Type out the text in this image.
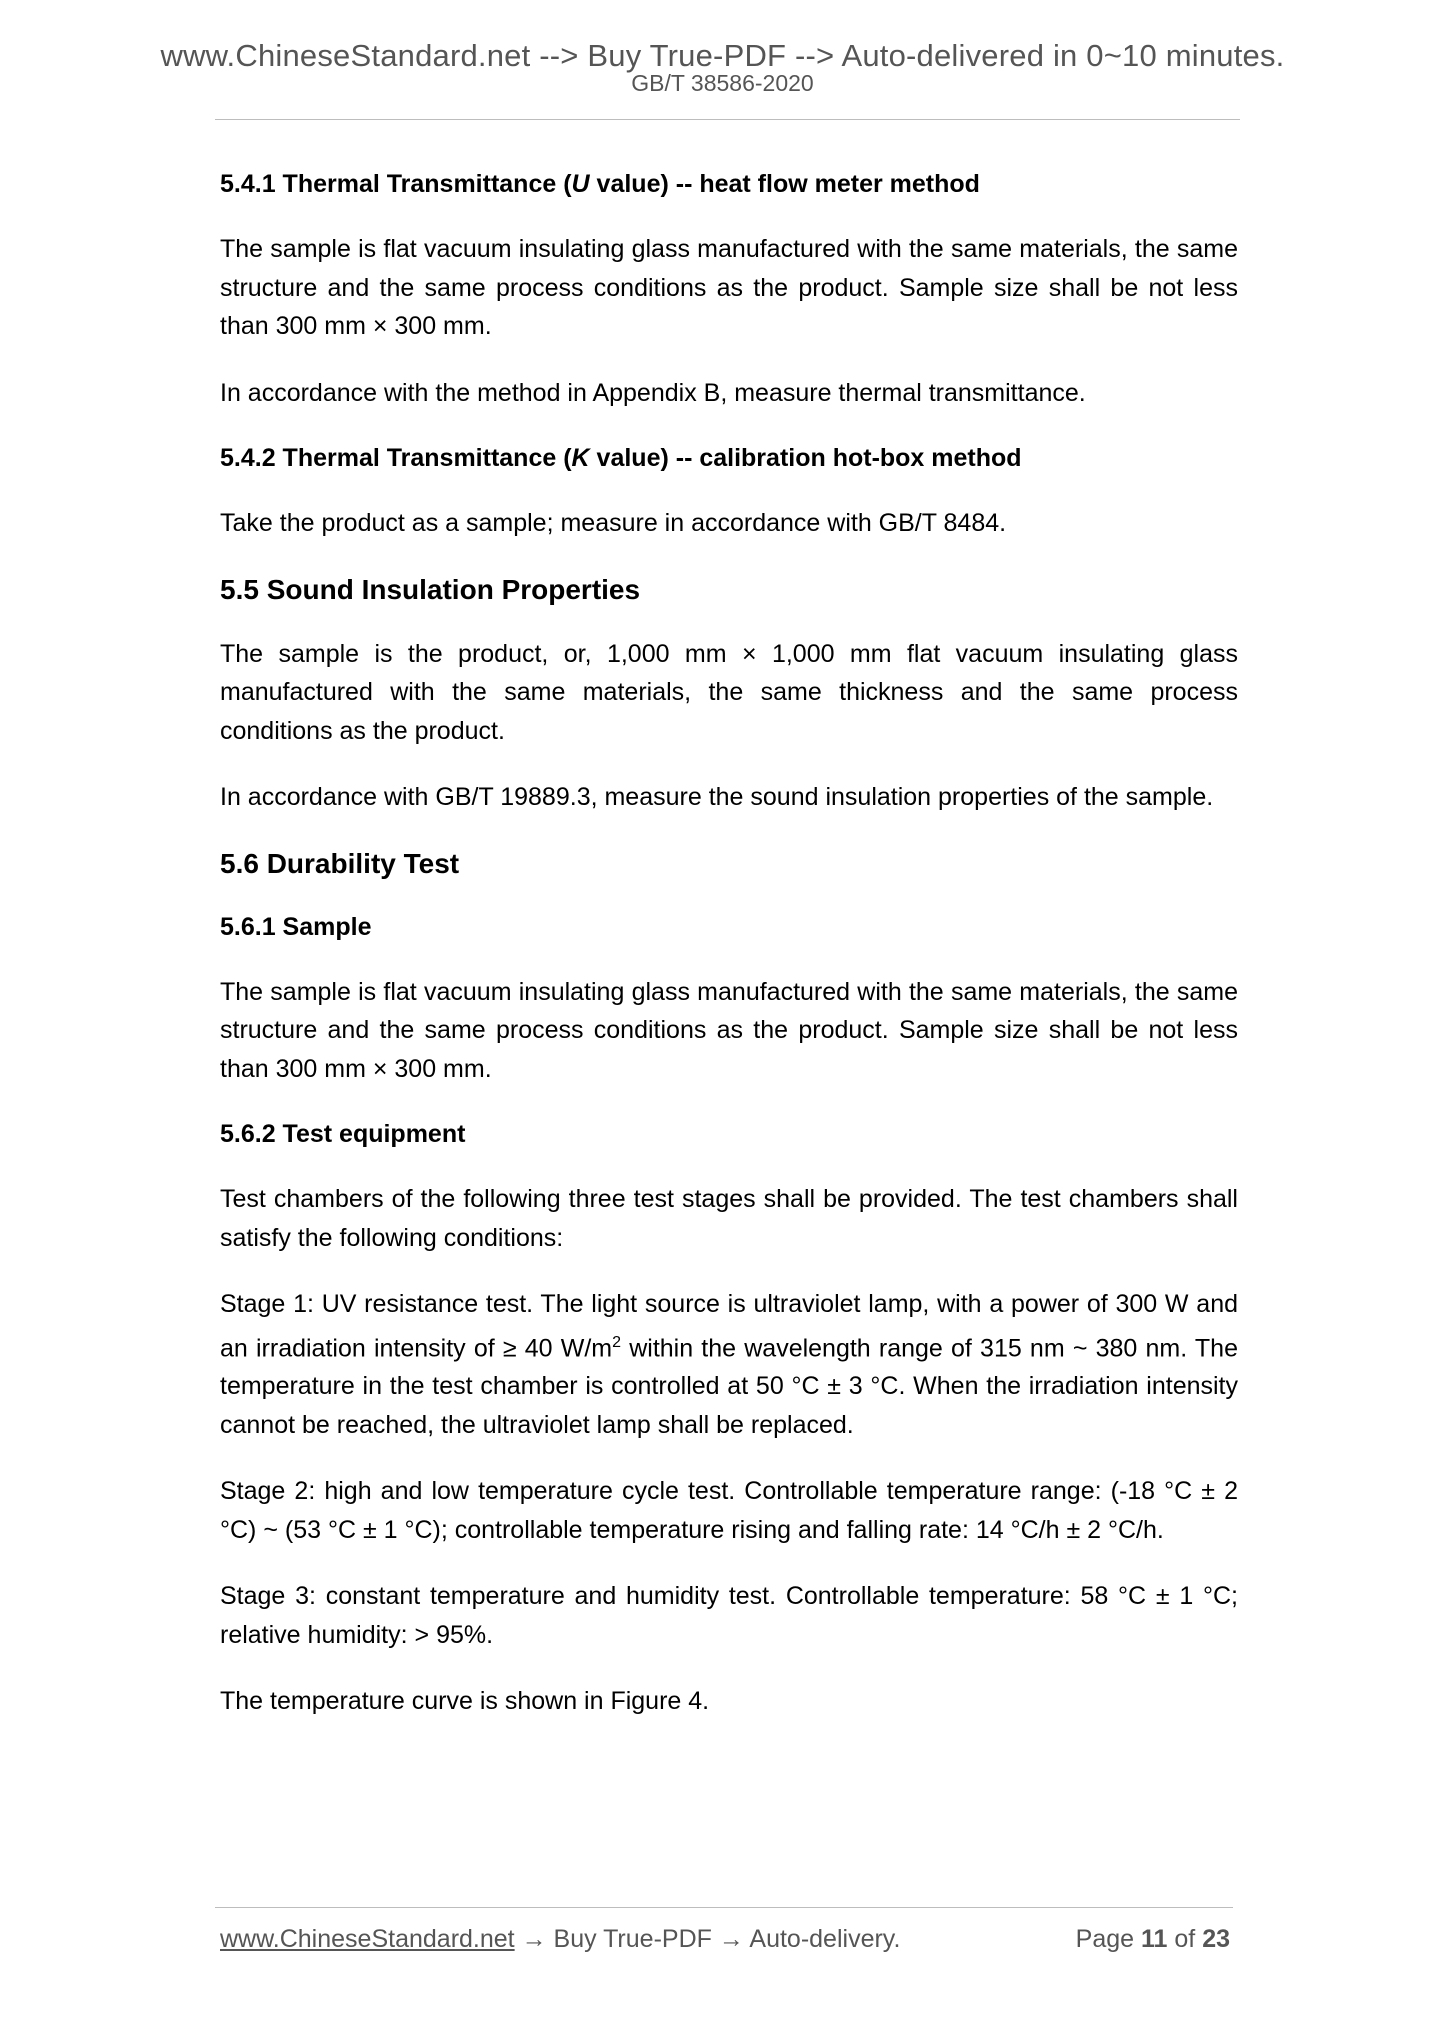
www.ChineseStandard.net --> Buy True-PDF --> Auto-delivered in 0~10 minutes.
GB/T 38586-2020
5.4.1 Thermal Transmittance (U value) -- heat flow meter method
The sample is flat vacuum insulating glass manufactured with the same materials, the same structure and the same process conditions as the product. Sample size shall be not less than 300 mm × 300 mm.
In accordance with the method in Appendix B, measure thermal transmittance.
5.4.2 Thermal Transmittance (K value) -- calibration hot-box method
Take the product as a sample; measure in accordance with GB/T 8484.
5.5 Sound Insulation Properties
The sample is the product, or, 1,000 mm × 1,000 mm flat vacuum insulating glass manufactured with the same materials, the same thickness and the same process conditions as the product.
In accordance with GB/T 19889.3, measure the sound insulation properties of the sample.
5.6 Durability Test
5.6.1 Sample
The sample is flat vacuum insulating glass manufactured with the same materials, the same structure and the same process conditions as the product. Sample size shall be not less than 300 mm × 300 mm.
5.6.2 Test equipment
Test chambers of the following three test stages shall be provided. The test chambers shall satisfy the following conditions:
Stage 1: UV resistance test. The light source is ultraviolet lamp, with a power of 300 W and an irradiation intensity of ≥ 40 $W/m^2$ within the wavelength range of 315 nm ~ 380 nm. The temperature in the test chamber is controlled at 50 °C ± 3 °C. When the irradiation intensity cannot be reached, the ultraviolet lamp shall be replaced.
Stage 2: high and low temperature cycle test. Controllable temperature range: (-18 °C ± 2 °C) ~ (53 °C ± 1 °C); controllable temperature rising and falling rate: 14 °C/h ± 2 °C/h.
Stage 3: constant temperature and humidity test. Controllable temperature: 58 °C ± 1 °C; relative humidity: > 95%.
The temperature curve is shown in Figure 4.
www.ChineseStandard.net → Buy True-PDF → Auto-delivery.	Page 11 of 23
